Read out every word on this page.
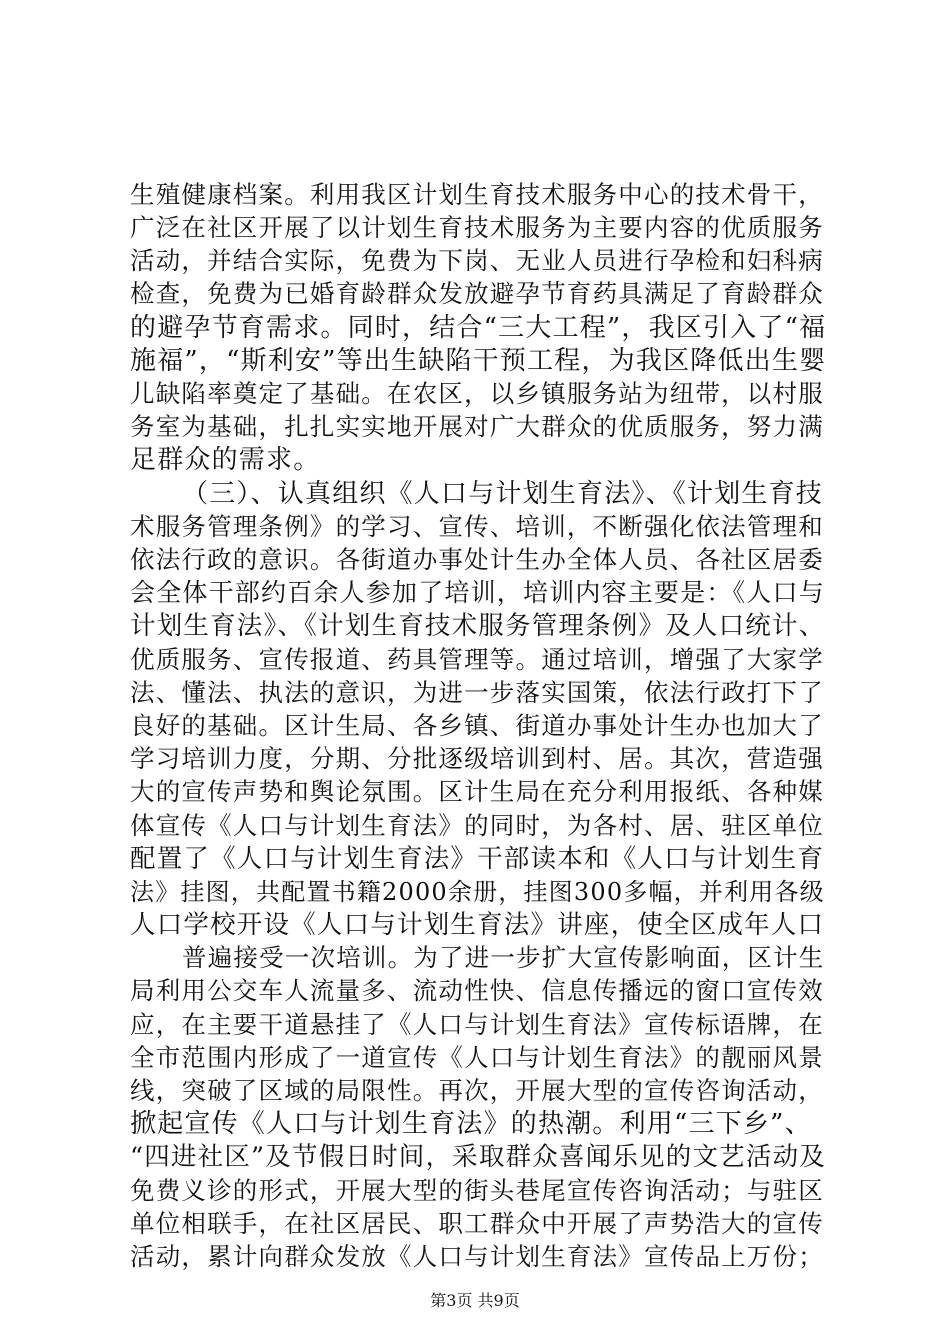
生殖健康档案。利用我区计划生育技术服务中心的技术骨干，
广泛在社区开展了以计划生育技术服务为主要内容的优质服务
活动，并结合实际，免费为下岗、无业人员进行孕检和妇科病
检查，免费为已婚育龄群众发放避孕节育药具满足了育龄群众
的避孕节育需求。同时，结合“三大工程”，我区引入了“福
施福”，“斯利安”等出生缺陷干预工程，为我区降低出生婴
儿缺陷率奠定了基础。在农区，以乡镇服务站为纽带，以村服
务室为基础，扎扎实实地开展对广大群众的优质服务，努力满
足群众的需求。
（三）、认真组织《人口与计划生育法》、《计划生育技
术服务管理条例》的学习、宣传、培训，不断强化依法管理和
依法行政的意识。各街道办事处计生办全体人员、各社区居委
会全体干部约百余人参加了培训，培训内容主要是：《人口与
计划生育法》、《计划生育技术服务管理条例》及人口统计、
优质服务、宣传报道、药具管理等。通过培训，增强了大家学
法、懂法、执法的意识，为进一步落实国策，依法行政打下了
良好的基础。区计生局、各乡镇、街道办事处计生办也加大了
学习培训力度，分期、分批逐级培训到村、居。其次，营造强
大的宣传声势和舆论氛围。区计生局在充分利用报纸、各种媒
体宣传《人口与计划生育法》的同时，为各村、居、驻区单位
配置了《人口与计划生育法》干部读本和《人口与计划生育
法》挂图，共配置书籍2000余册，挂图300多幅，并利用各级
人口学校开设《人口与计划生育法》讲座，使全区成年人口
普遍接受一次培训。为了进一步扩大宣传影响面，区计生
局利用公交车人流量多、流动性快、信息传播远的窗口宣传效
应，在主要干道悬挂了《人口与计划生育法》宣传标语牌，在
全市范围内形成了一道宣传《人口与计划生育法》的靓丽风景
线，突破了区域的局限性。再次，开展大型的宣传咨询活动，
掀起宣传《人口与计划生育法》的热潮。利用“三下乡”、
“四进社区”及节假日时间，采取群众喜闻乐见的文艺活动及
免费义诊的形式，开展大型的街头巷尾宣传咨询活动；与驻区
单位相联手，在社区居民、职工群众中开展了声势浩大的宣传
活动，累计向群众发放《人口与计划生育法》宣传品上万份；
第3页 共9页
